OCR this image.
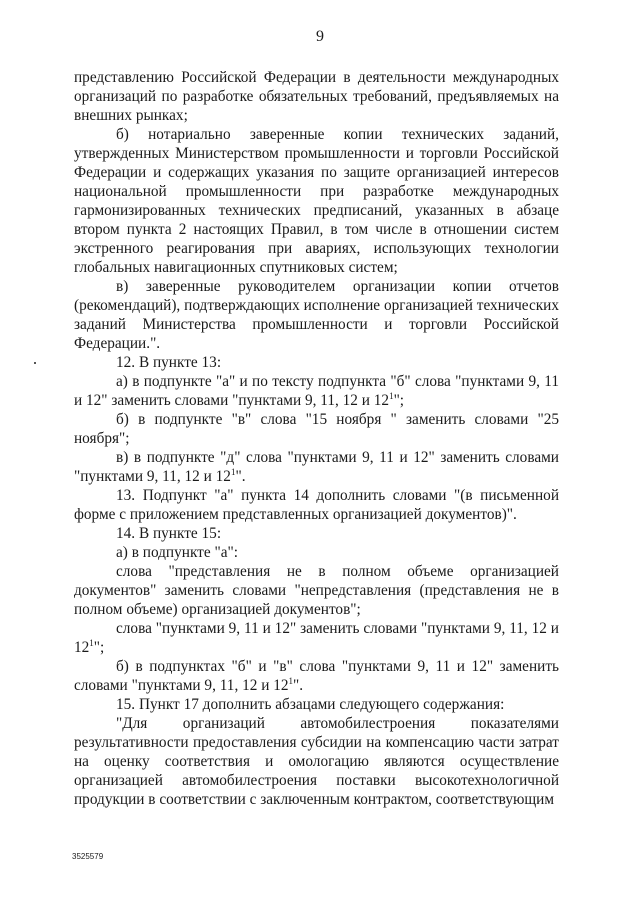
9

представлению Российской Федерации в деятельности международных организаций по разработке обязательных требований, предъявляемых на внешних рынках;

б) нотариально заверенные копии технических заданий, утвержденных Министерством промышленности и торговли Российской Федерации и содержащих указания по защите организацией интересов национальной промышленности при разработке международных гармонизированных технических предписаний, указанных в абзаце втором пункта 2 настоящих Правил, в том числе в отношении систем экстренного реагирования при авариях, использующих технологии глобальных навигационных спутниковых систем;

в) заверенные руководителем организации копии отчетов (рекомендаций), подтверждающих исполнение организацией технических заданий Министерства промышленности и торговли Российской Федерации.".

12. В пункте 13:

а) в подпункте "а" и по тексту подпункта "б" слова "пунктами 9, 11 и 12" заменить словами "пунктами 9, 11, 12 и $12^1$";

б) в подпункте "в" слова "15 ноября " заменить словами "25 ноября";

в) в подпункте "д" слова "пунктами 9, 11 и 12" заменить словами "пунктами 9, 11, 12 и $12^1$".

13. Подпункт "а" пункта 14 дополнить словами "(в письменной форме с приложением представленных организацией документов)".

14. В пункте 15:

а) в подпункте "а":

слова "представления не в полном объеме организацией документов" заменить словами "непредставления (представления не в полном объеме) организацией документов";

слова "пунктами 9, 11 и 12" заменить словами "пунктами 9, 11, 12 и $12^1$";

б) в подпунктах "б" и "в" слова "пунктами 9, 11 и 12" заменить словами "пунктами 9, 11, 12 и $12^1$".

15. Пункт 17 дополнить абзацами следующего содержания:

"Для организаций автомобилестроения показателями результативности предоставления субсидии на компенсацию части затрат на оценку соответствия и омологацию являются осуществление организацией автомобилестроения поставки высокотехнологичной продукции в соответствии с заключенным контрактом, соответствующим

3525579
